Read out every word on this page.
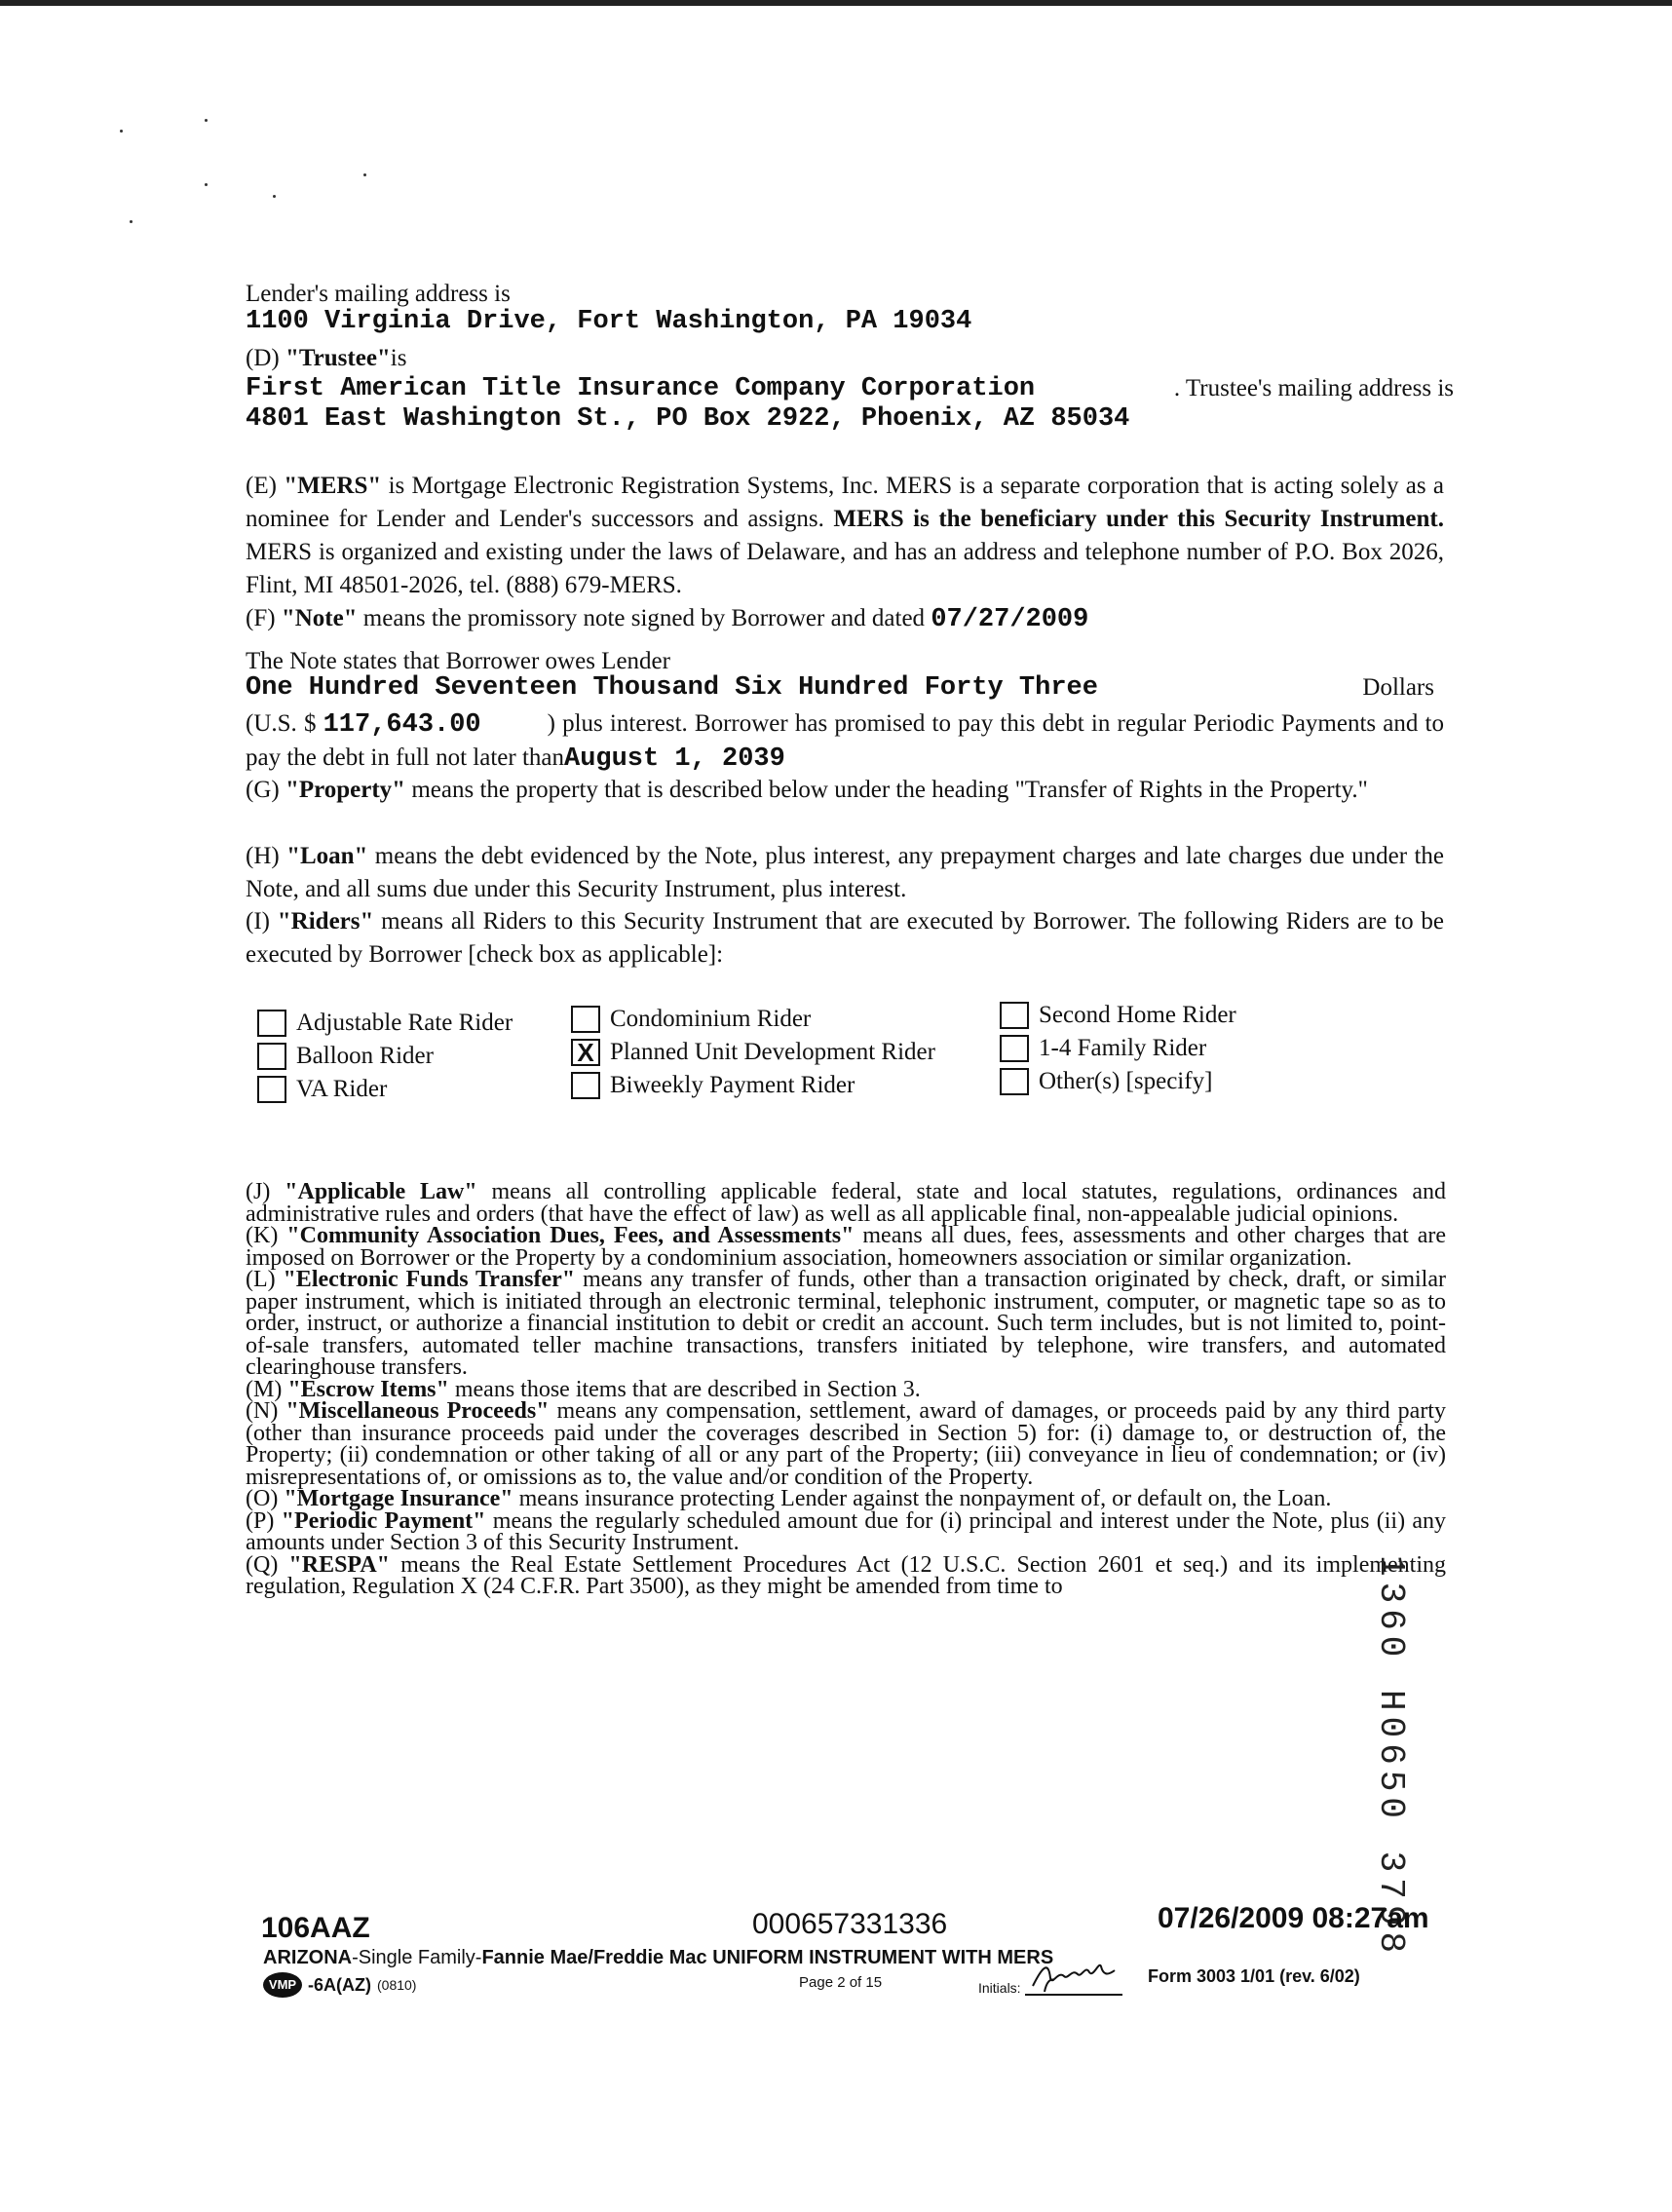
Lender's mailing address is
1100 Virginia Drive, Fort Washington, PA 19034
(D) "Trustee"is
First American Title Insurance Company Corporation	. Trustee's mailing address is
4801 East Washington St., PO Box 2922, Phoenix, AZ 85034
(E) "MERS" is Mortgage Electronic Registration Systems, Inc. MERS is a separate corporation that is acting solely as a nominee for Lender and Lender's successors and assigns. MERS is the beneficiary under this Security Instrument. MERS is organized and existing under the laws of Delaware, and has an address and telephone number of P.O. Box 2026, Flint, MI 48501-2026, tel. (888) 679-MERS.
(F) "Note" means the promissory note signed by Borrower and dated 07/27/2009
The Note states that Borrower owes Lender
One Hundred Seventeen Thousand Six Hundred Forty Three	Dollars
(U.S. $ 117,643.00	) plus interest. Borrower has promised to pay this debt in regular Periodic Payments and to pay the debt in full not later thanAugust 1, 2039
(G) "Property" means the property that is described below under the heading "Transfer of Rights in the Property."
(H) "Loan" means the debt evidenced by the Note, plus interest, any prepayment charges and late charges due under the Note, and all sums due under this Security Instrument, plus interest.
(I) "Riders" means all Riders to this Security Instrument that are executed by Borrower. The following Riders are to be executed by Borrower [check box as applicable]:
Adjustable Rate Rider
Balloon Rider
VA Rider
Condominium Rider
X Planned Unit Development Rider
Biweekly Payment Rider
Second Home Rider
1-4 Family Rider
Other(s) [specify]
(J) "Applicable Law" means all controlling applicable federal, state and local statutes, regulations, ordinances and administrative rules and orders (that have the effect of law) as well as all applicable final, non-appealable judicial opinions.
(K) "Community Association Dues, Fees, and Assessments" means all dues, fees, assessments and other charges that are imposed on Borrower or the Property by a condominium association, homeowners association or similar organization.
(L) "Electronic Funds Transfer" means any transfer of funds, other than a transaction originated by check, draft, or similar paper instrument, which is initiated through an electronic terminal, telephonic instrument, computer, or magnetic tape so as to order, instruct, or authorize a financial institution to debit or credit an account. Such term includes, but is not limited to, point-of-sale transfers, automated teller machine transactions, transfers initiated by telephone, wire transfers, and automated clearinghouse transfers.
(M) "Escrow Items" means those items that are described in Section 3.
(N) "Miscellaneous Proceeds" means any compensation, settlement, award of damages, or proceeds paid by any third party (other than insurance proceeds paid under the coverages described in Section 5) for: (i) damage to, or destruction of, the Property; (ii) condemnation or other taking of all or any part of the Property; (iii) conveyance in lieu of condemnation; or (iv) misrepresentations of, or omissions as to, the value and/or condition of the Property.
(O) "Mortgage Insurance" means insurance protecting Lender against the nonpayment of, or default on, the Loan.
(P) "Periodic Payment" means the regularly scheduled amount due for (i) principal and interest under the Note, plus (ii) any amounts under Section 3 of this Security Instrument.
(Q) "RESPA" means the Real Estate Settlement Procedures Act (12 U.S.C. Section 2601 et seq.) and its implementing regulation, Regulation X (24 C.F.R. Part 3500), as they might be amended from time to	1360 H0650 3798
106AAZ	000657331336	07/26/2009 08:27am
ARIZONA-Single Family-Fannie Mae/Freddie Mac UNIFORM INSTRUMENT WITH MERS
VMP -6A(AZ) (0810)	Page 2 of 15	Initials:
Form 3003 1/01 (rev. 6/02)
